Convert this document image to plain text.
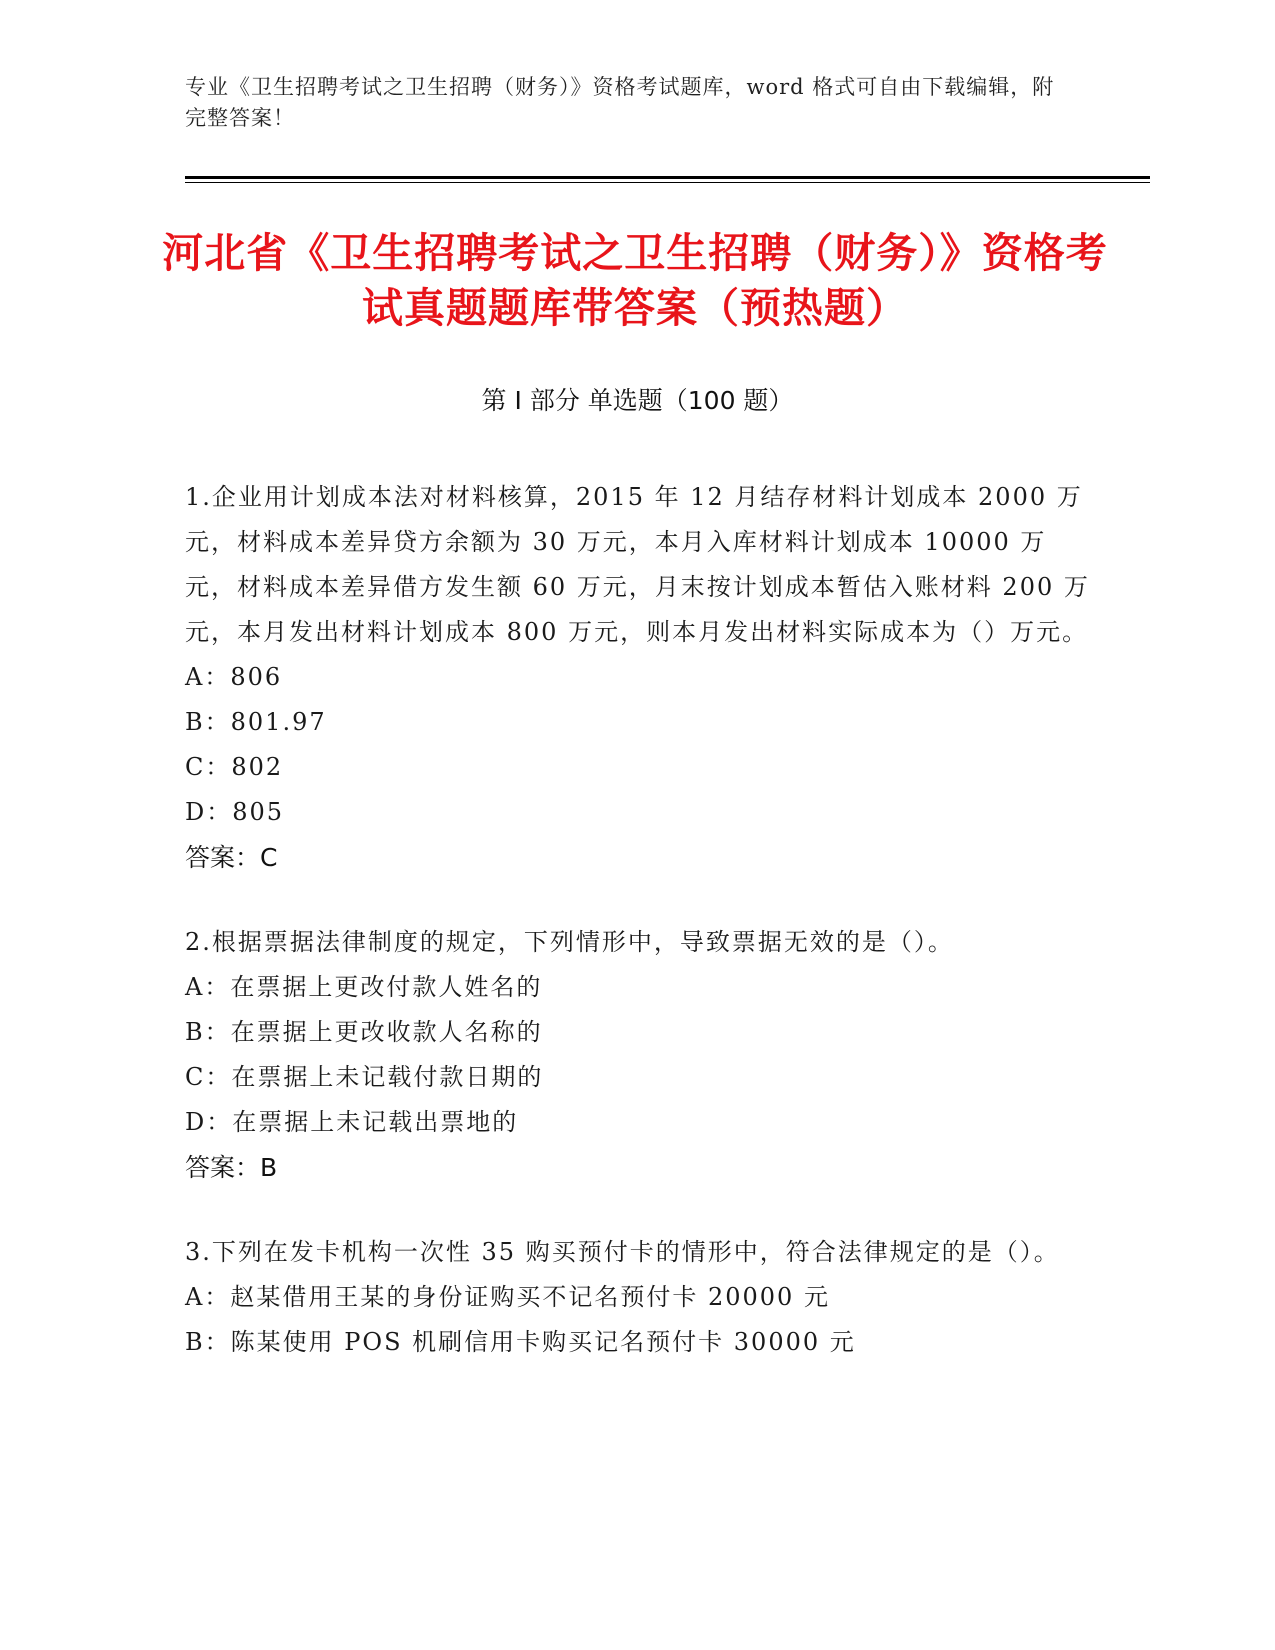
专业《卫生招聘考试之卫生招聘（财务）》资格考试题库，word 格式可自由下载编辑，附完整答案！
河北省《卫生招聘考试之卫生招聘（财务）》资格考试真题题库带答案（预热题）
第 I 部分 单选题（100 题）
1.企业用计划成本法对材料核算，2015 年 12 月结存材料计划成本 2000 万元，材料成本差异贷方余额为 30 万元，本月入库材料计划成本 10000 万元，材料成本差异借方发生额 60 万元，月末按计划成本暂估入账材料 200 万元，本月发出材料计划成本 800 万元，则本月发出材料实际成本为（）万元。
A：806
B：801.97
C：802
D：805
答案：C
2.根据票据法律制度的规定，下列情形中，导致票据无效的是（）。
A：在票据上更改付款人姓名的
B：在票据上更改收款人名称的
C：在票据上未记载付款日期的
D：在票据上未记载出票地的
答案：B
3.下列在发卡机构一次性 35 购买预付卡的情形中，符合法律规定的是（）。
A：赵某借用王某的身份证购买不记名预付卡 20000 元
B：陈某使用 POS 机刷信用卡购买记名预付卡 30000 元
